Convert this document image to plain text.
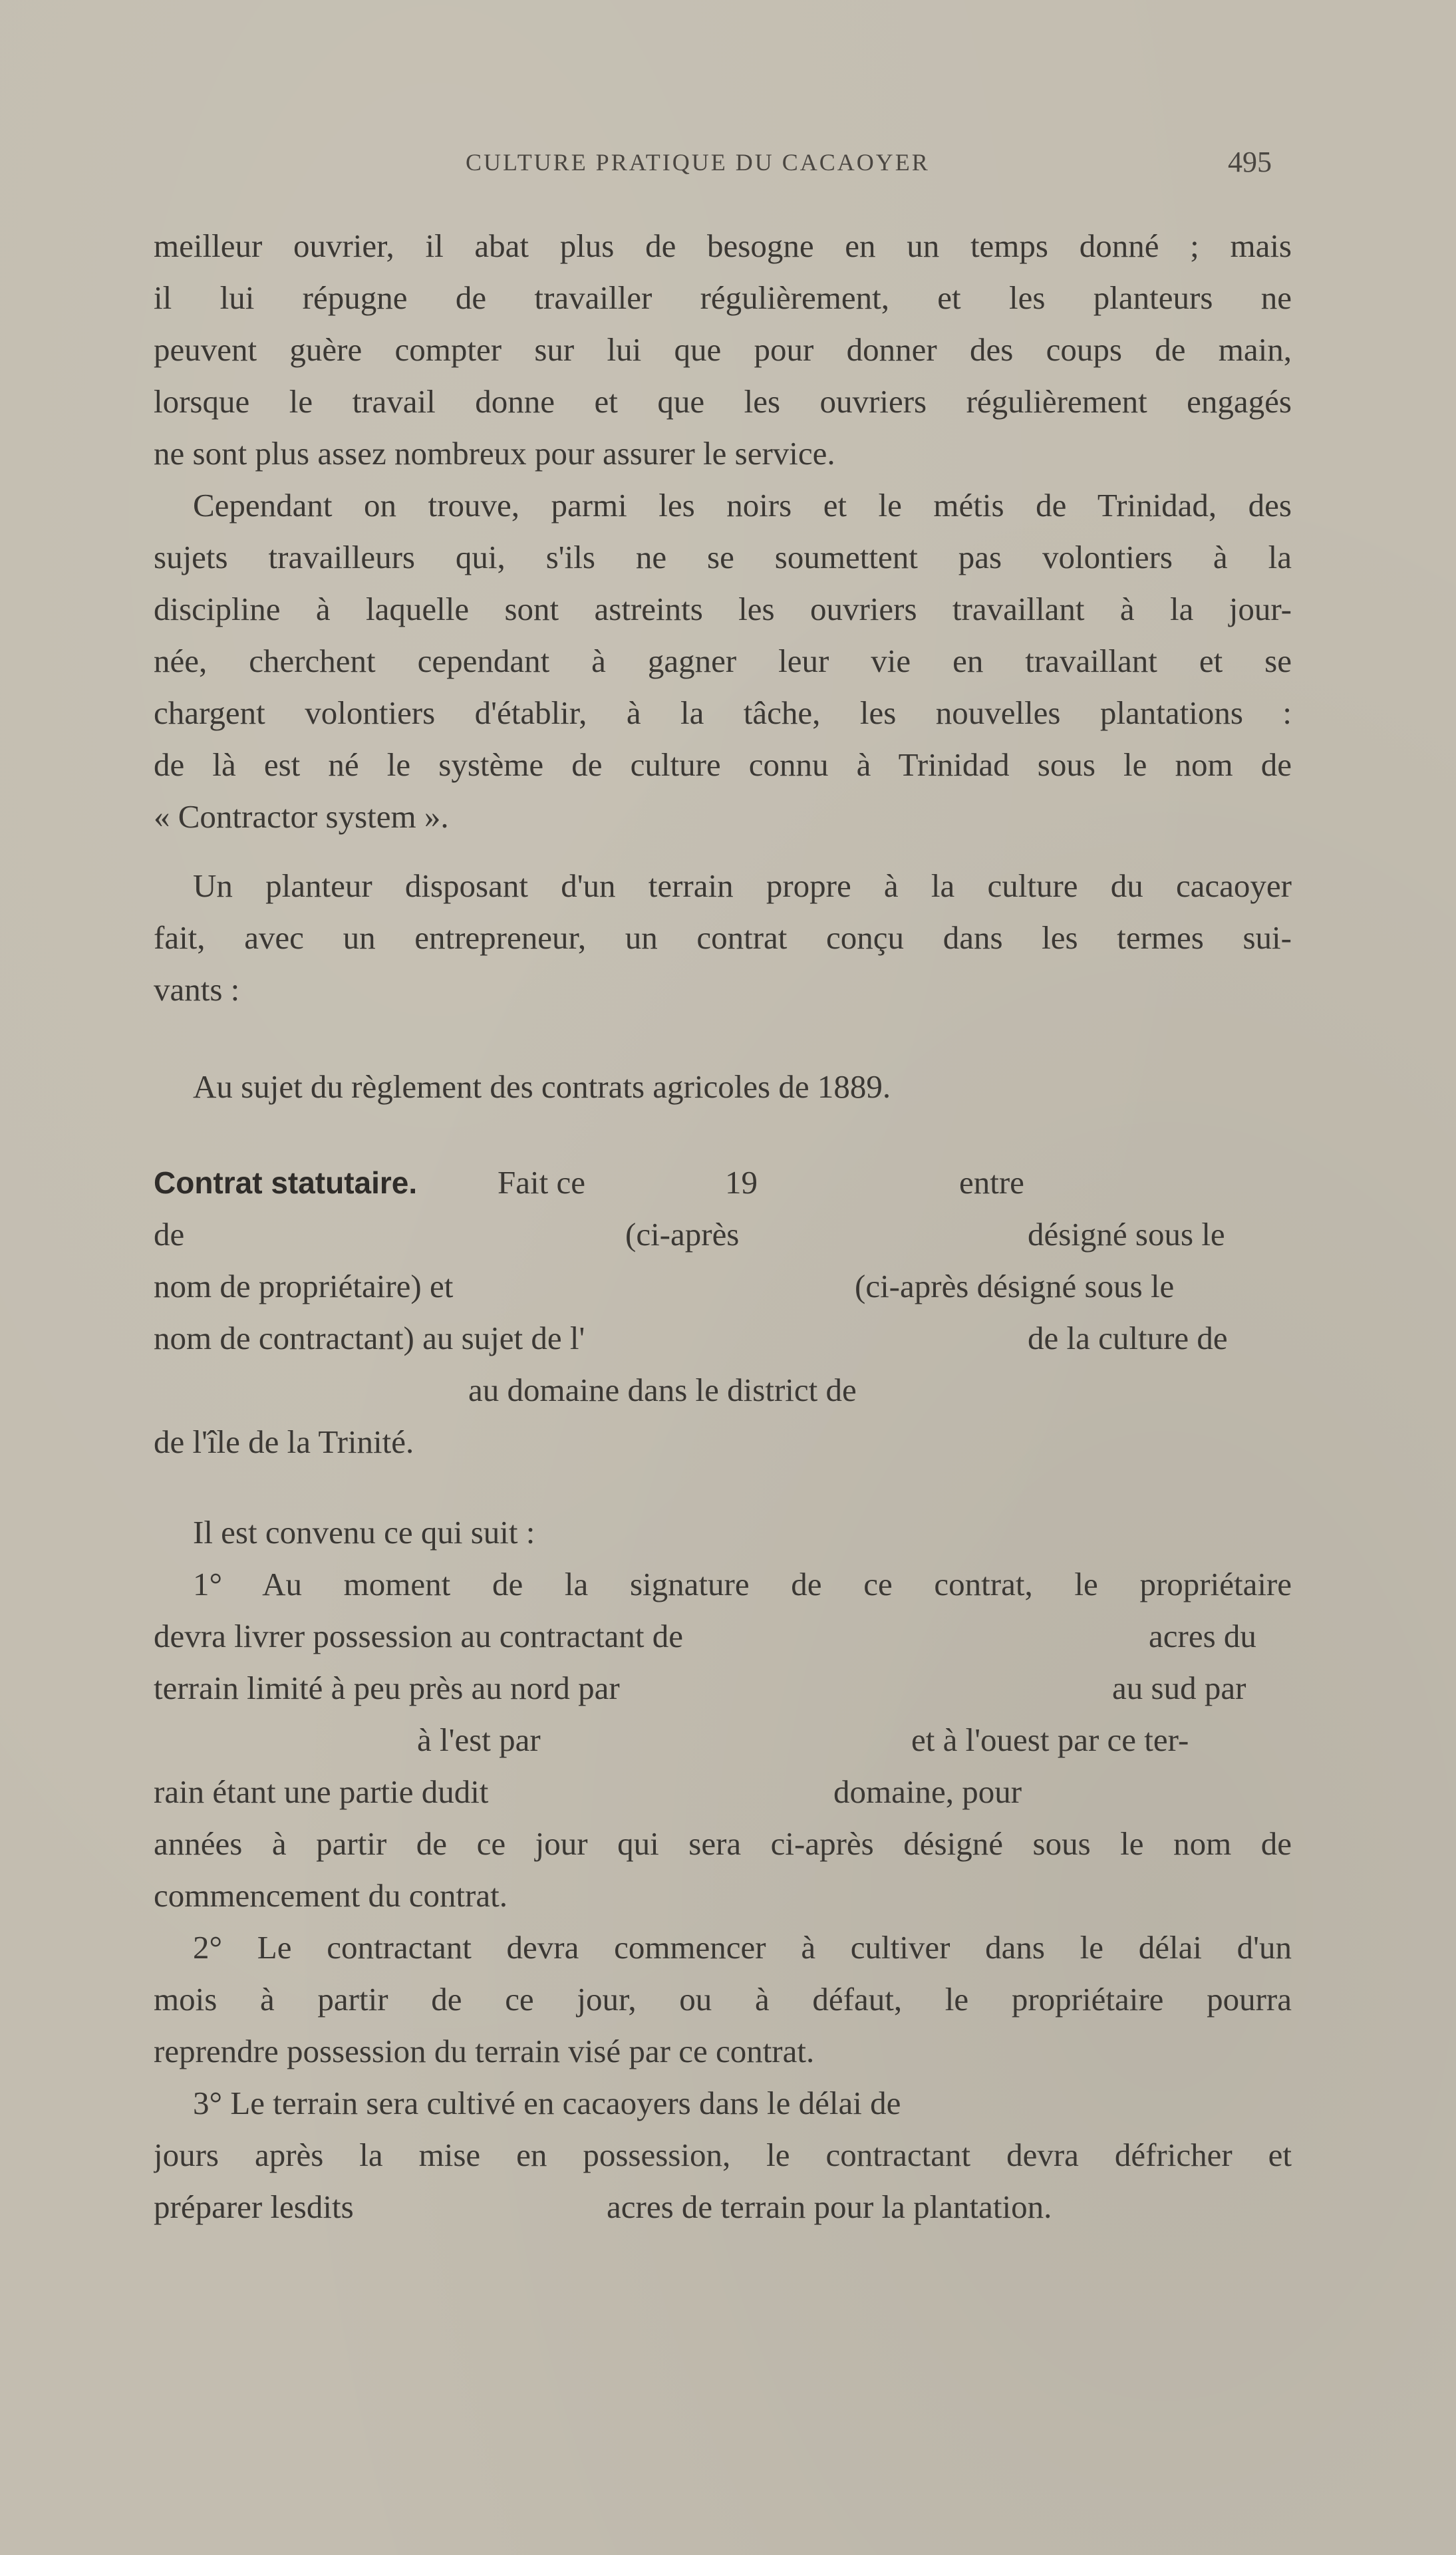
CULTURE PRATIQUE DU CACAOYER	495
meilleur ouvrier, il abat plus de besogne en un temps donné ; mais
il lui répugne de travailler régulièrement, et les planteurs ne
peuvent guère compter sur lui que pour donner des coups de main,
lorsque le travail donne et que les ouvriers régulièrement engagés
ne sont plus assez nombreux pour assurer le service.
Cependant on trouve, parmi les noirs et le métis de Trinidad, des
sujets travailleurs qui, s'ils ne se soumettent pas volontiers à la
discipline à laquelle sont astreints les ouvriers travaillant à la jour-
née, cherchent cependant à gagner leur vie en travaillant et se
chargent volontiers d'établir, à la tâche, les nouvelles plantations :
de là est né le système de culture connu à Trinidad sous le nom de
« Contractor system ».
Un planteur disposant d'un terrain propre à la culture du cacaoyer
fait, avec un entrepreneur, un contrat conçu dans les termes sui-
vants :
Au sujet du règlement des contrats agricoles de 1889.
Contrat statutaire. Fait ce	19	entre
de	(ci-après	désigné sous le
nom de propriétaire) et	(ci-après désigné sous le
nom de contractant) au sujet de l'	de la culture de
au domaine dans le district de
de l'île de la Trinité.
Il est convenu ce qui suit :
1° Au moment de la signature de ce contrat, le propriétaire
devra livrer possession au contractant de	acres du
terrain limité à peu près au nord par	au sud par
à l'est par	et à l'ouest par ce ter-
rain étant une partie dudit	domaine, pour
années à partir de ce jour qui sera ci-après désigné sous le nom de
commencement du contrat.
2° Le contractant devra commencer à cultiver dans le délai d'un
mois à partir de ce jour, ou à défaut, le propriétaire pourra
reprendre possession du terrain visé par ce contrat.
3° Le terrain sera cultivé en cacaoyers dans le délai de
jours après la mise en possession, le contractant devra défricher et
préparer lesdits	acres de terrain pour la plantation.
